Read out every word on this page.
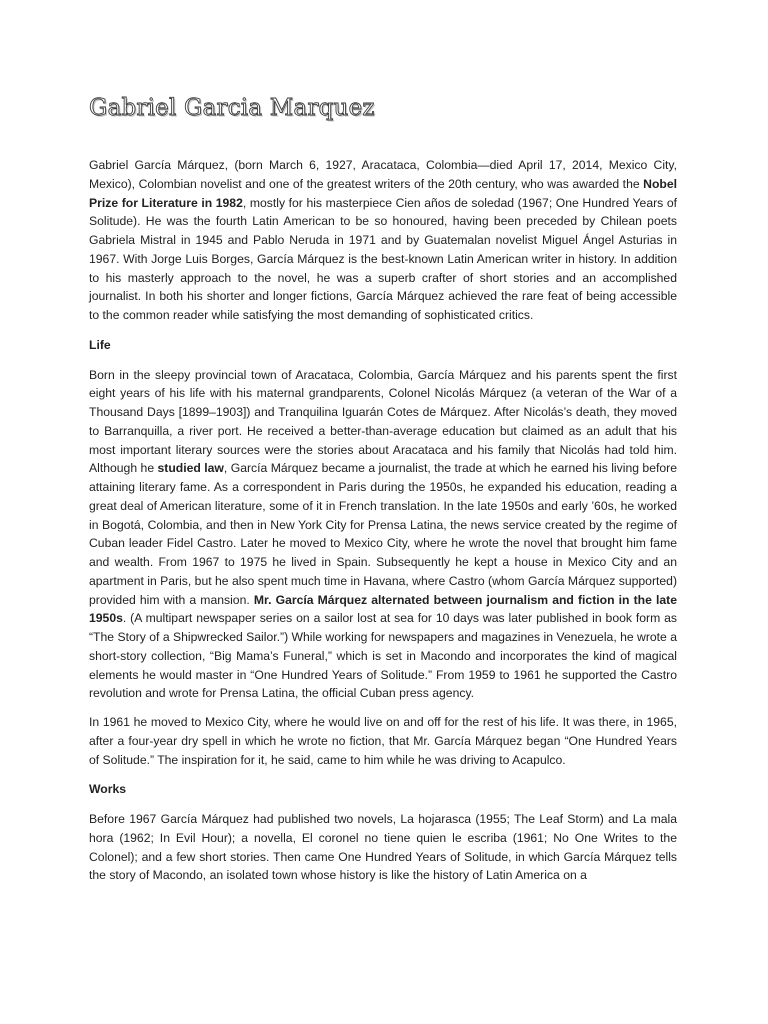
Gabriel Garcia Marquez

Gabriel García Márquez, (born March 6, 1927, Aracataca, Colombia—died April 17, 2014, Mexico City, Mexico), Colombian novelist and one of the greatest writers of the 20th century, who was awarded the Nobel Prize for Literature in 1982, mostly for his masterpiece Cien años de soledad (1967; One Hundred Years of Solitude). He was the fourth Latin American to be so honoured, having been preceded by Chilean poets Gabriela Mistral in 1945 and Pablo Neruda in 1971 and by Guatemalan novelist Miguel Ángel Asturias in 1967. With Jorge Luis Borges, García Márquez is the best-known Latin American writer in history. In addition to his masterly approach to the novel, he was a superb crafter of short stories and an accomplished journalist. In both his shorter and longer fictions, García Márquez achieved the rare feat of being accessible to the common reader while satisfying the most demanding of sophisticated critics.

Life

Born in the sleepy provincial town of Aracataca, Colombia, García Márquez and his parents spent the first eight years of his life with his maternal grandparents, Colonel Nicolás Márquez (a veteran of the War of a Thousand Days [1899–1903]) and Tranquilina Iguarán Cotes de Márquez. After Nicolás’s death, they moved to Barranquilla, a river port. He received a better-than-average education but claimed as an adult that his most important literary sources were the stories about Aracataca and his family that Nicolás had told him. Although he studied law, García Márquez became a journalist, the trade at which he earned his living before attaining literary fame. As a correspondent in Paris during the 1950s, he expanded his education, reading a great deal of American literature, some of it in French translation. In the late 1950s and early ’60s, he worked in Bogotá, Colombia, and then in New York City for Prensa Latina, the news service created by the regime of Cuban leader Fidel Castro. Later he moved to Mexico City, where he wrote the novel that brought him fame and wealth. From 1967 to 1975 he lived in Spain. Subsequently he kept a house in Mexico City and an apartment in Paris, but he also spent much time in Havana, where Castro (whom García Márquez supported) provided him with a mansion. Mr. García Márquez alternated between journalism and fiction in the late 1950s. (A multipart newspaper series on a sailor lost at sea for 10 days was later published in book form as “The Story of a Shipwrecked Sailor.”) While working for newspapers and magazines in Venezuela, he wrote a short-story collection, “Big Mama’s Funeral,” which is set in Macondo and incorporates the kind of magical elements he would master in “One Hundred Years of Solitude.” From 1959 to 1961 he supported the Castro revolution and wrote for Prensa Latina, the official Cuban press agency.

In 1961 he moved to Mexico City, where he would live on and off for the rest of his life. It was there, in 1965, after a four-year dry spell in which he wrote no fiction, that Mr. García Márquez began “One Hundred Years of Solitude.” The inspiration for it, he said, came to him while he was driving to Acapulco.

Works

Before 1967 García Márquez had published two novels, La hojarasca (1955; The Leaf Storm) and La mala hora (1962; In Evil Hour); a novella, El coronel no tiene quien le escriba (1961; No One Writes to the Colonel); and a few short stories. Then came One Hundred Years of Solitude, in which García Márquez tells the story of Macondo, an isolated town whose history is like the history of Latin America on a
